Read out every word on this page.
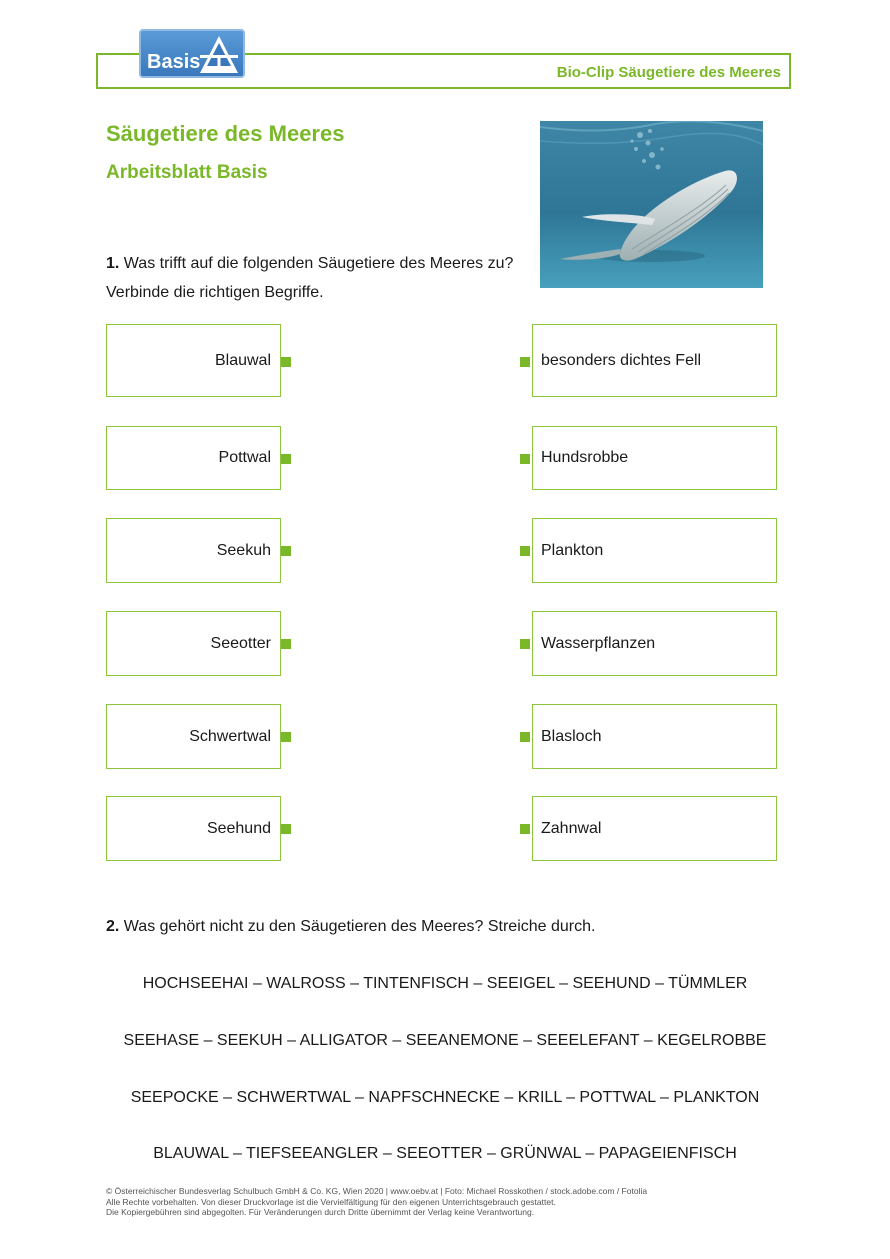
Bio-Clip Säugetiere des Meeres
Basis
Säugetiere des Meeres
Arbeitsblatt Basis
1. Was trifft auf die folgenden Säugetiere des Meeres zu?
Verbinde die richtigen Begriffe.
Blauwal
Pottwal
Seekuh
Seeotter
Schwertwal
Seehund
besonders dichtes Fell
Hundsrobbe
Plankton
Wasserpflanzen
Blasloch
Zahnwal
2. Was gehört nicht zu den Säugetieren des Meeres? Streiche durch.
HOCHSEEHAI – WALROSS – TINTENFISCH – SEEIGEL – SEEHUND – TÜMMLER
SEEHASE – SEEKUH – ALLIGATOR – SEEANEMONE – SEEELEFANT – KEGELROBBE
SEEPOCKE – SCHWERTWAL – NAPFSCHNECKE – KRILL – POTTWAL – PLANKTON
BLAUWAL – TIEFSEEANGLER – SEEOTTER – GRÜNWAL – PAPAGEIENFISCH
© Österreichischer Bundesverlag Schulbuch GmbH & Co. KG, Wien 2020 | www.oebv.at | Foto: Michael Rosskothen / stock.adobe.com / Fotolia
Alle Rechte vorbehalten. Von dieser Druckvorlage ist die Vervielfältigung für den eigenen Unterrichtsgebrauch gestattet.
Die Kopiergebühren sind abgegolten. Für Veränderungen durch Dritte übernimmt der Verlag keine Verantwortung.
